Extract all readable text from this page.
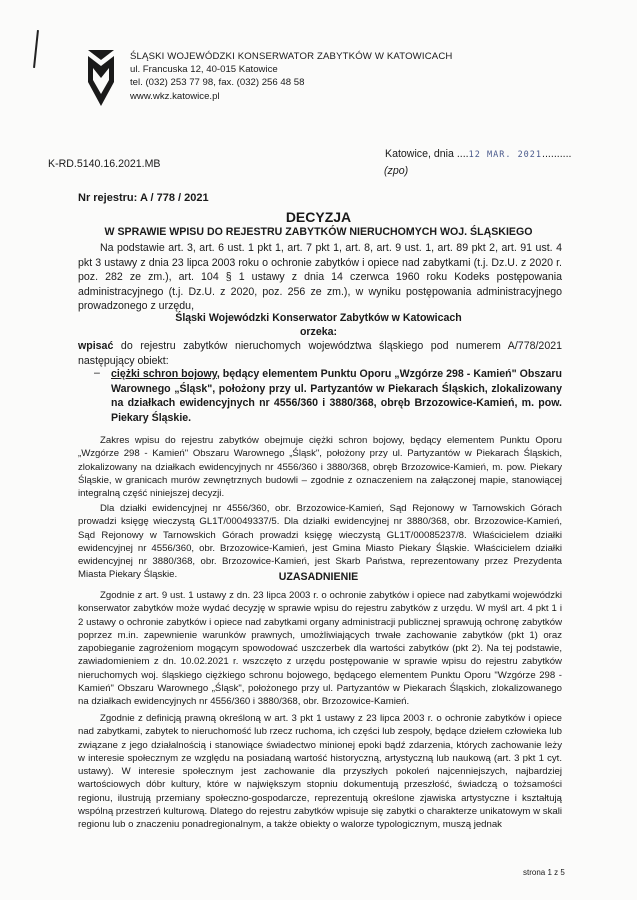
ŚLĄSKI WOJEWÓDZKI KONSERWATOR ZABYTKÓW W KATOWICACH
ul. Francuska 12, 40-015 Katowice
tel. (032) 253 77 98, fax. (032) 256 48 58
www.wkz.katowice.pl
Katowice, dnia ....12 MAR. 2021..........
(zpo)
K-RD.5140.16.2021.MB
Nr rejestru: A / 778 / 2021
DECYZJA
W SPRAWIE WPISU DO REJESTRU ZABYTKÓW NIERUCHOMYCH WOJ. ŚLĄSKIEGO

Na podstawie art. 3, art. 6 ust. 1 pkt 1, art. 7 pkt 1, art. 8, art. 9 ust. 1, art. 89 pkt 2, art. 91 ust. 4 pkt 3 ustawy z dnia 23 lipca 2003 roku o ochronie zabytków i opiece nad zabytkami (t.j. Dz.U. z 2020 r. poz. 282 ze zm.), art. 104 § 1 ustawy z dnia 14 czerwca 1960 roku Kodeks postępowania administracyjnego (t.j. Dz.U. z 2020, poz. 256 ze zm.), w wyniku postępowania administracyjnego prowadzonego z urzędu,

Śląski Wojewódzki Konserwator Zabytków w Katowicach
orzeka:

wpisać do rejestru zabytków nieruchomych województwa śląskiego pod numerem A/778/2021 następujący obiekt:

– ciężki schron bojowy, będący elementem Punktu Oporu „Wzgórze 298 - Kamień" Obszaru Warownego „Śląsk", położony przy ul. Partyzantów w Piekarach Śląskich, zlokalizowany na działkach ewidencyjnych nr 4556/360 i 3880/368, obręb Brzozowice-Kamień, m. pow. Piekary Śląskie.

Zakres wpisu do rejestru zabytków obejmuje ciężki schron bojowy, będący elementem Punktu Oporu „Wzgórze 298 - Kamień" Obszaru Warownego „Śląsk", położony przy ul. Partyzantów w Piekarach Śląskich, zlokalizowany na działkach ewidencyjnych nr 4556/360 i 3880/368, obręb Brzozowice-Kamień, m. pow. Piekary Śląskie, w granicach murów zewnętrznych budowli – zgodnie z oznaczeniem na załączonej mapie, stanowiącej integralną część niniejszej decyzji.

Dla działki ewidencyjnej nr 4556/360, obr. Brzozowice-Kamień, Sąd Rejonowy w Tarnowskich Górach prowadzi księgę wieczystą GL1T/00049337/5. Dla działki ewidencyjnej nr 3880/368, obr. Brzozowice-Kamień, Sąd Rejonowy w Tarnowskich Górach prowadzi księgę wieczystą GL1T/00085237/8. Właścicielem działki ewidencyjnej nr 4556/360, obr. Brzozowice-Kamień, jest Gmina Miasto Piekary Śląskie. Właścicielem działki ewidencyjnej nr 3880/368, obr. Brzozowice-Kamień, jest Skarb Państwa, reprezentowany przez Prezydenta Miasta Piekary Śląskie.	UZASADNIENIE

Zgodnie z art. 9 ust. 1 ustawy z dn. 23 lipca 2003 r. o ochronie zabytków i opiece nad zabytkami wojewódzki konserwator zabytków może wydać decyzję w sprawie wpisu do rejestru zabytków z urzędu. W myśl art. 4 pkt 1 i 2 ustawy o ochronie zabytków i opiece nad zabytkami organy administracji publicznej sprawują ochronę zabytków poprzez m.in. zapewnienie warunków prawnych, umożliwiających trwałe zachowanie zabytków (pkt 1) oraz zapobieganie zagrożeniom mogącym spowodować uszczerbek dla wartości zabytków (pkt 2). Na tej podstawie, zawiadomieniem z dn. 10.02.2021 r. wszczęto z urzędu postępowanie w sprawie wpisu do rejestru zabytków nieruchomych woj. śląskiego ciężkiego schronu bojowego, będącego elementem Punktu Oporu "Wzgórze 298 - Kamień" Obszaru Warownego „Śląsk", położonego przy ul. Partyzantów w Piekarach Śląskich, zlokalizowanego na działkach ewidencyjnych nr 4556/360 i 3880/368, obr. Brzozowice-Kamień.

Zgodnie z definicją prawną określoną w art. 3 pkt 1 ustawy z 23 lipca 2003 r. o ochronie zabytków i opiece nad zabytkami, zabytek to nieruchomość lub rzecz ruchoma, ich części lub zespoły, będące dziełem człowieka lub związane z jego działalnością i stanowiące świadectwo minionej epoki bądź zdarzenia, których zachowanie leży w interesie społecznym ze względu na posiadaną wartość historyczną, artystyczną lub naukową (art. 3 pkt 1 cyt. ustawy). W interesie społecznym jest zachowanie dla przyszłych pokoleń najcenniejszych, najbardziej wartościowych dóbr kultury, które w największym stopniu dokumentują przeszłość, świadczą o tożsamości regionu, ilustrują przemiany społeczno-gospodarcze, reprezentują określone zjawiska artystyczne i kształtują wspólną przestrzeń kulturową. Dlatego do rejestru zabytków wpisuje się zabytki o charakterze unikatowym w skali regionu lub o znaczeniu ponadregionalnym, a także obiekty o walorze typologicznym, muszą jednak

strona 1 z 5
